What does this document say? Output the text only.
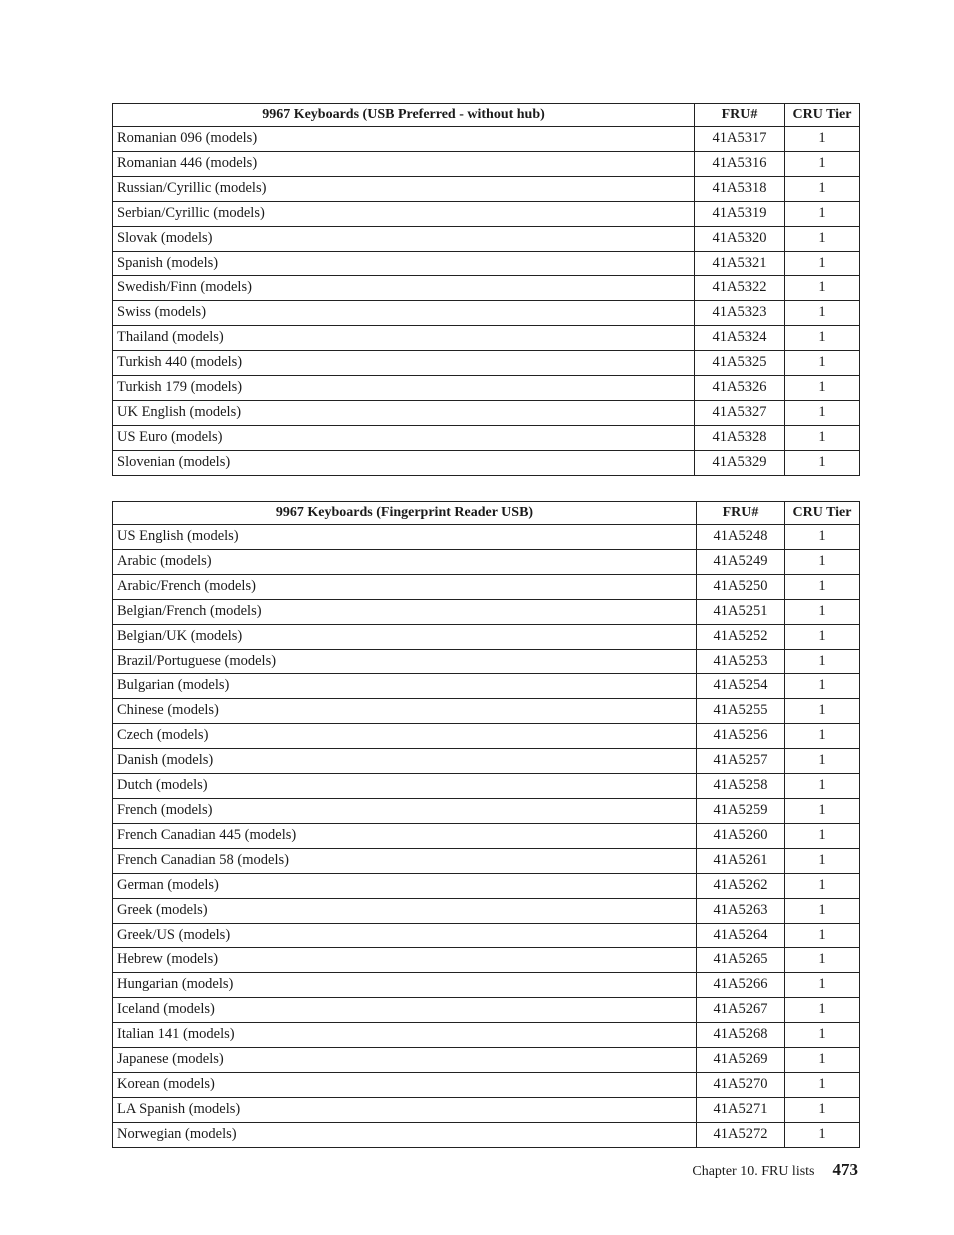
9967 Keyboards (USB Preferred - without hub)	FRU#	CRU Tier
Romanian 096 (models)	41A5317	1
Romanian 446 (models)	41A5316	1
Russian/Cyrillic (models)	41A5318	1
Serbian/Cyrillic (models)	41A5319	1
Slovak (models)	41A5320	1
Spanish (models)	41A5321	1
Swedish/Finn (models)	41A5322	1
Swiss (models)	41A5323	1
Thailand (models)	41A5324	1
Turkish 440 (models)	41A5325	1
Turkish 179 (models)	41A5326	1
UK English (models)	41A5327	1
US Euro (models)	41A5328	1
Slovenian (models)	41A5329	1
9967 Keyboards (Fingerprint Reader USB)	FRU#	CRU Tier
US English (models)	41A5248	1
Arabic (models)	41A5249	1
Arabic/French (models)	41A5250	1
Belgian/French (models)	41A5251	1
Belgian/UK (models)	41A5252	1
Brazil/Portuguese (models)	41A5253	1
Bulgarian (models)	41A5254	1
Chinese (models)	41A5255	1
Czech (models)	41A5256	1
Danish (models)	41A5257	1
Dutch (models)	41A5258	1
French (models)	41A5259	1
French Canadian 445 (models)	41A5260	1
French Canadian 58 (models)	41A5261	1
German (models)	41A5262	1
Greek (models)	41A5263	1
Greek/US (models)	41A5264	1
Hebrew (models)	41A5265	1
Hungarian (models)	41A5266	1
Iceland (models)	41A5267	1
Italian 141 (models)	41A5268	1
Japanese (models)	41A5269	1
Korean (models)	41A5270	1
LA Spanish (models)	41A5271	1
Norwegian (models)	41A5272	1
Chapter 10. FRU lists 473
